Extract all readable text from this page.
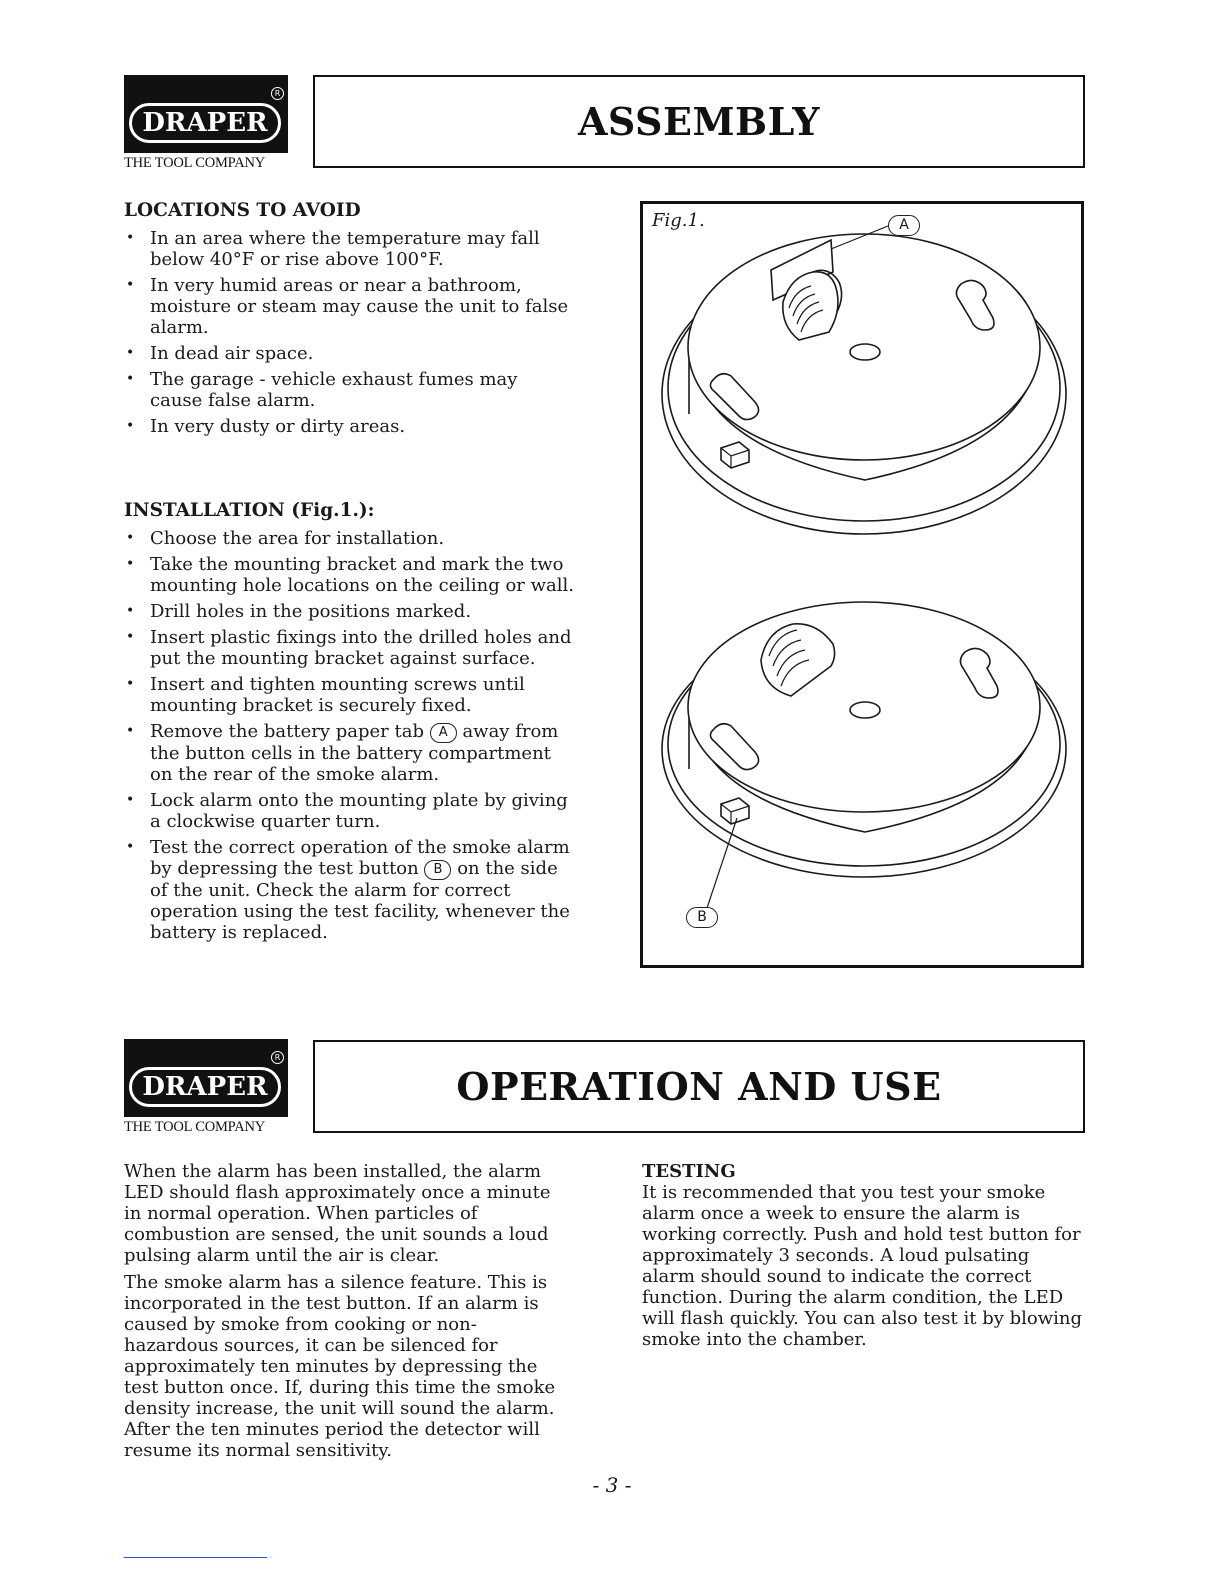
R
DRAPER
THE TOOL COMPANY
ASSEMBLY
LOCATIONS TO AVOID
• In an area where the temperature may fall below 40°F or rise above 100°F.
• In very humid areas or near a bathroom, moisture or steam may cause the unit to false alarm.
• In dead air space.
• The garage - vehicle exhaust fumes may cause false alarm.
• In very dusty or dirty areas.
INSTALLATION (Fig.1.):
• Choose the area for installation.
• Take the mounting bracket and mark the two mounting hole locations on the ceiling or wall.
• Drill holes in the positions marked.
• Insert plastic fixings into the drilled holes and put the mounting bracket against surface.
• Insert and tighten mounting screws until mounting bracket is securely fixed.
• Remove the battery paper tab A away from the button cells in the battery compartment on the rear of the smoke alarm.
• Lock alarm onto the mounting plate by giving a clockwise quarter turn.
• Test the correct operation of the smoke alarm by depressing the test button B on the side of the unit. Check the alarm for correct operation using the test facility, whenever the battery is replaced.
Fig.1.	A
B
R
DRAPER
THE TOOL COMPANY
OPERATION AND USE

When the alarm has been installed, the alarm LED should flash approximately once a minute in normal operation. When particles of combustion are sensed, the unit sounds a loud pulsing alarm until the air is clear.

The smoke alarm has a silence feature. This is incorporated in the test button. If an alarm is caused by smoke from cooking or non-hazardous sources, it can be silenced for approximately ten minutes by depressing the test button once. If, during this time the smoke density increase, the unit will sound the alarm. After the ten minutes period the detector will resume its normal sensitivity.

TESTING

It is recommended that you test your smoke alarm once a week to ensure the alarm is working correctly. Push and hold test button for approximately 3 seconds. A loud pulsating alarm should sound to indicate the correct function. During the alarm condition, the LED will flash quickly. You can also test it by blowing smoke into the chamber.

- 3 -
